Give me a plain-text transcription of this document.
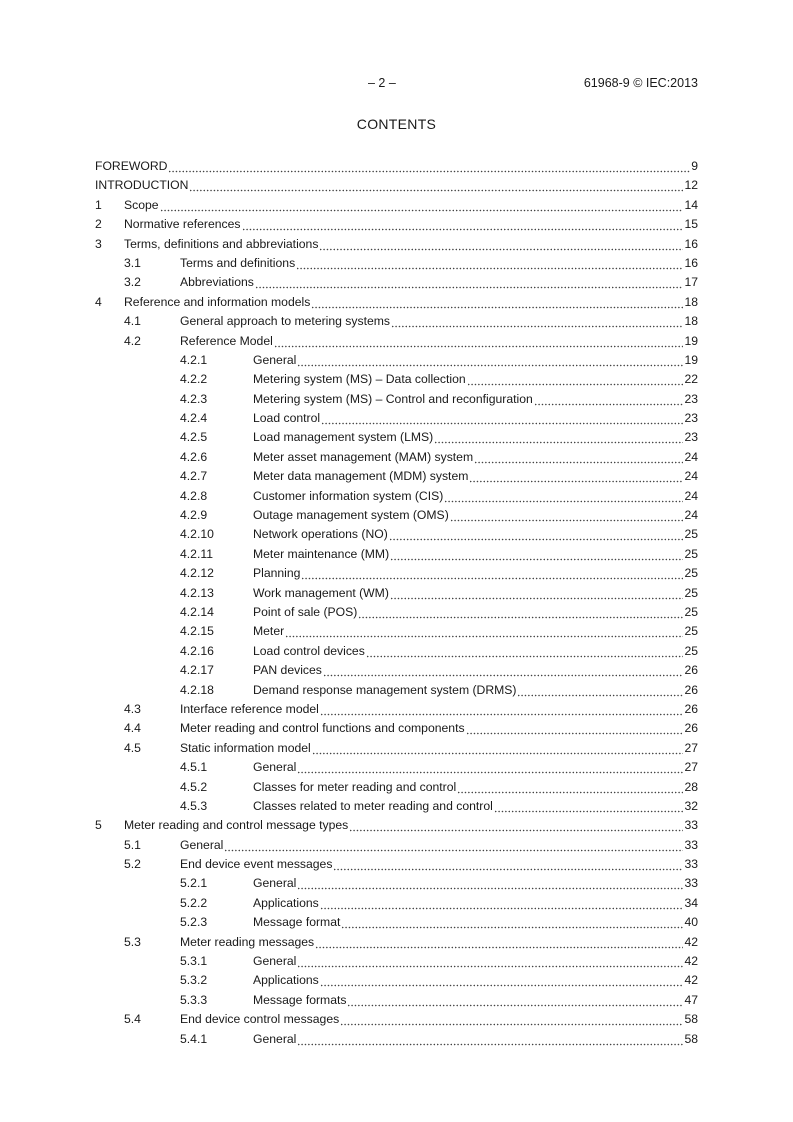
– 2 –	61968-9 © IEC:2013
CONTENTS
FOREWORD	9
INTRODUCTION	12
1	Scope	14
2	Normative references	15
3	Terms, definitions and abbreviations	16
3.1	Terms and definitions	16
3.2	Abbreviations	17
4	Reference and information models	18
4.1	General approach to metering systems	18
4.2	Reference Model	19
4.2.1	General	19
4.2.2	Metering system (MS) – Data collection	22
4.2.3	Metering system (MS) – Control and reconfiguration	23
4.2.4	Load control	23
4.2.5	Load management system (LMS)	23
4.2.6	Meter asset management (MAM) system	24
4.2.7	Meter data management (MDM) system	24
4.2.8	Customer information system (CIS)	24
4.2.9	Outage management system (OMS)	24
4.2.10	Network operations (NO)	25
4.2.11	Meter maintenance (MM)	25
4.2.12	Planning	25
4.2.13	Work management (WM)	25
4.2.14	Point of sale (POS)	25
4.2.15	Meter	25
4.2.16	Load control devices	25
4.2.17	PAN devices	26
4.2.18	Demand response management system (DRMS)	26
4.3	Interface reference model	26
4.4	Meter reading and control functions and components	26
4.5	Static information model	27
4.5.1	General	27
4.5.2	Classes for meter reading and control	28
4.5.3	Classes related to meter reading and control	32
5	Meter reading and control message types	33
5.1	General	33
5.2	End device event messages	33
5.2.1	General	33
5.2.2	Applications	34
5.2.3	Message format	40
5.3	Meter reading messages	42
5.3.1	General	42
5.3.2	Applications	42
5.3.3	Message formats	47
5.4	End device control messages	58
5.4.1	General	58
